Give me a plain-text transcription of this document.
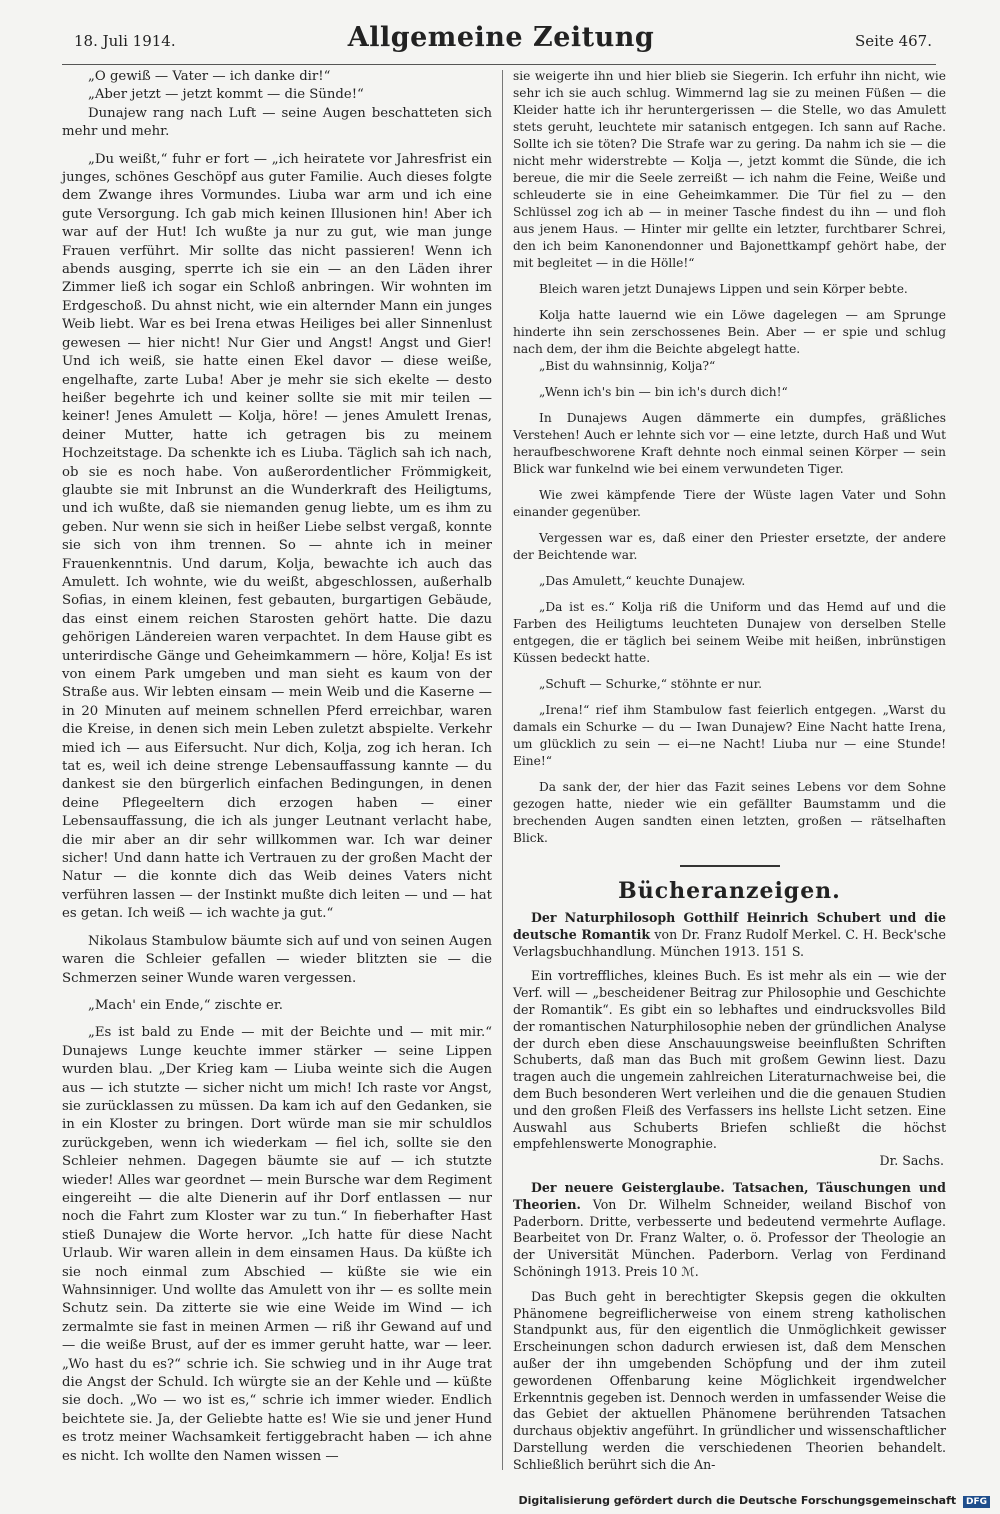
18. Juli 1914.	Allgemeine Zeitung	Seite 467.

„O gewiß — Vater — ich danke dir!“

„Aber jetzt — jetzt kommt — die Sünde!“

Dunajew rang nach Luft — seine Augen beschatteten sich mehr und mehr.

„Du weißt,“ fuhr er fort — „ich heiratete vor Jahresfrist ein junges, schönes Geschöpf aus guter Familie. Auch dieses folgte dem Zwange ihres Vormundes. Liuba war arm und ich eine gute Versorgung. Ich gab mich keinen Illusionen hin! Aber ich war auf der Hut! Ich wußte ja nur zu gut, wie man junge Frauen verführt. Mir sollte das nicht passieren! Wenn ich abends ausging, sperrte ich sie ein — an den Läden ihrer Zimmer ließ ich sogar ein Schloß anbringen. Wir wohnten im Erdgeschoß. Du ahnst nicht, wie ein alternder Mann ein junges Weib liebt. War es bei Irena etwas Heiliges bei aller Sinnenlust gewesen — hier nicht! Nur Gier und Angst! Angst und Gier! Und ich weiß, sie hatte einen Ekel davor — diese weiße, engelhafte, zarte Luba! Aber je mehr sie sich ekelte — desto heißer begehrte ich und keiner sollte sie mit mir teilen — keiner! Jenes Amulett — Kolja, höre! — jenes Amulett Irenas, deiner Mutter, hatte ich getragen bis zu meinem Hochzeitstage. Da schenkte ich es Liuba. Täglich sah ich nach, ob sie es noch habe. Von außerordentlicher Frömmigkeit, glaubte sie mit Inbrunst an die Wunderkraft des Heiligtums, und ich wußte, daß sie niemanden genug liebte, um es ihm zu geben. Nur wenn sie sich in heißer Liebe selbst vergaß, konnte sie sich von ihm trennen. So — ahnte ich in meiner Frauenkenntnis. Und darum, Kolja, bewachte ich auch das Amulett. Ich wohnte, wie du weißt, abgeschlossen, außerhalb Sofias, in einem kleinen, fest gebauten, burgartigen Gebäude, das einst einem reichen Starosten gehört hatte. Die dazu gehörigen Ländereien waren verpachtet. In dem Hause gibt es unterirdische Gänge und Geheimkammern — höre, Kolja! Es ist von einem Park umgeben und man sieht es kaum von der Straße aus. Wir lebten einsam — mein Weib und die Kaserne — in 20 Minuten auf meinem schnellen Pferd erreichbar, waren die Kreise, in denen sich mein Leben zuletzt abspielte. Verkehr mied ich — aus Eifersucht. Nur dich, Kolja, zog ich heran. Ich tat es, weil ich deine strenge Lebensauffassung kannte — du dankest sie den bürgerlich einfachen Bedingungen, in denen deine Pflegeeltern dich erzogen haben — einer Lebensauffassung, die ich als junger Leutnant verlacht habe, die mir aber an dir sehr willkommen war. Ich war deiner sicher! Und dann hatte ich Vertrauen zu der großen Macht der Natur — die konnte dich das Weib deines Vaters nicht verführen lassen — der Instinkt mußte dich leiten — und — hat es getan. Ich weiß — ich wachte ja gut.“

Nikolaus Stambulow bäumte sich auf und von seinen Augen waren die Schleier gefallen — wieder blitzten sie — die Schmerzen seiner Wunde waren vergessen.

„Mach' ein Ende,“ zischte er.

„Es ist bald zu Ende — mit der Beichte und — mit mir.“ Dunajews Lunge keuchte immer stärker — seine Lippen wurden blau. „Der Krieg kam — Liuba weinte sich die Augen aus — ich stutzte — sicher nicht um mich! Ich raste vor Angst, sie zurücklassen zu müssen. Da kam ich auf den Gedanken, sie in ein Kloster zu bringen. Dort würde man sie mir schuldlos zurückgeben, wenn ich wiederkam — fiel ich, sollte sie den Schleier nehmen. Dagegen bäumte sie auf — ich stutzte wieder! Alles war geordnet — mein Bursche war dem Regiment eingereiht — die alte Dienerin auf ihr Dorf entlassen — nur noch die Fahrt zum Kloster war zu tun.“ In fieberhafter Hast stieß Dunajew die Worte hervor. „Ich hatte für diese Nacht Urlaub. Wir waren allein in dem einsamen Haus. Da küßte ich sie noch einmal zum Abschied — küßte sie wie ein Wahnsinniger. Und wollte das Amulett von ihr — es sollte mein Schutz sein. Da zitterte sie wie eine Weide im Wind — ich zermalmte sie fast in meinen Armen — riß ihr Gewand auf und — die weiße Brust, auf der es immer geruht hatte, war — leer. „Wo hast du es?“ schrie ich. Sie schwieg und in ihr Auge trat die Angst der Schuld. Ich würgte sie an der Kehle und — küßte sie doch. „Wo — wo ist es,“ schrie ich immer wieder. Endlich beichtete sie. Ja, der Geliebte hatte es! Wie sie und jener Hund es trotz meiner Wachsamkeit fertiggebracht haben — ich ahne es nicht. Ich wollte den Namen wissen —

sie weigerte ihn und hier blieb sie Siegerin. Ich erfuhr ihn nicht, wie sehr ich sie auch schlug. Wimmernd lag sie zu meinen Füßen — die Kleider hatte ich ihr heruntergerissen — die Stelle, wo das Amulett stets geruht, leuchtete mir satanisch entgegen. Ich sann auf Rache. Sollte ich sie töten? Die Strafe war zu gering. Da nahm ich sie — die nicht mehr widerstrebte — Kolja —, jetzt kommt die Sünde, die ich bereue, die mir die Seele zerreißt — ich nahm die Feine, Weiße und schleuderte sie in eine Geheimkammer. Die Tür fiel zu — den Schlüssel zog ich ab — in meiner Tasche findest du ihn — und floh aus jenem Haus. — Hinter mir gellte ein letzter, furchtbarer Schrei, den ich beim Kanonendonner und Bajonettkampf gehört habe, der mit begleitet — in die Hölle!“

Bleich waren jetzt Dunajews Lippen und sein Körper bebte.

Kolja hatte lauernd wie ein Löwe dagelegen — am Sprunge hinderte ihn sein zerschossenes Bein. Aber — er spie und schlug nach dem, der ihm die Beichte abgelegt hatte.

„Bist du wahnsinnig, Kolja?“

„Wenn ich's bin — bin ich's durch dich!“

In Dunajews Augen dämmerte ein dumpfes, gräßliches Verstehen! Auch er lehnte sich vor — eine letzte, durch Haß und Wut heraufbeschworene Kraft dehnte noch einmal seinen Körper — sein Blick war funkelnd wie bei einem verwundeten Tiger.

Wie zwei kämpfende Tiere der Wüste lagen Vater und Sohn einander gegenüber.

Vergessen war es, daß einer den Priester ersetzte, der andere der Beichtende war.

„Das Amulett,“ keuchte Dunajew.

„Da ist es.“ Kolja riß die Uniform und das Hemd auf und die Farben des Heiligtums leuchteten Dunajew von derselben Stelle entgegen, die er täglich bei seinem Weibe mit heißen, inbrünstigen Küssen bedeckt hatte.

„Schuft — Schurke,“ stöhnte er nur.

„Irena!“ rief ihm Stambulow fast feierlich entgegen. „Warst du damals ein Schurke — du — Iwan Dunajew? Eine Nacht hatte Irena, um glücklich zu sein — ei—ne Nacht! Liuba nur — eine Stunde! Eine!“

Da sank der, der hier das Fazit seines Lebens vor dem Sohne gezogen hatte, nieder wie ein gefällter Baumstamm und die brechenden Augen sandten einen letzten, großen — rätselhaften Blick.

Bücheranzeigen.
Der Naturphilosoph Gotthilf Heinrich Schubert und die deutsche Romantik von Dr. Franz Rudolf Merkel. C. H. Beck'sche Verlagsbuchhandlung. München 1913. 151 S.

Ein vortreffliches, kleines Buch. Es ist mehr als ein — wie der Verf. will — „bescheidener Beitrag zur Philosophie und Geschichte der Romantik“. Es gibt ein so lebhaftes und eindrucksvolles Bild der romantischen Naturphilosophie neben der gründlichen Analyse der durch eben diese Anschauungsweise beeinflußten Schriften Schuberts, daß man das Buch mit großem Gewinn liest. Dazu tragen auch die ungemein zahlreichen Literaturnachweise bei, die dem Buch besonderen Wert verleihen und die die genauen Studien und den großen Fleiß des Verfassers ins hellste Licht setzen. Eine Auswahl aus Schuberts Briefen schließt die höchst empfehlenswerte Monographie.

Dr. Sachs.
Der neuere Geisterglaube. Tatsachen, Täuschungen und Theorien. Von Dr. Wilhelm Schneider, weiland Bischof von Paderborn. Dritte, verbesserte und bedeutend vermehrte Auflage. Bearbeitet von Dr. Franz Walter, o. ö. Professor der Theologie an der Universität München. Paderborn. Verlag von Ferdinand Schöningh 1913. Preis 10 ℳ.

Das Buch geht in berechtigter Skepsis gegen die okkulten Phänomene begreiflicherweise von einem streng katholischen Standpunkt aus, für den eigentlich die Unmöglichkeit gewisser Erscheinungen schon dadurch erwiesen ist, daß dem Menschen außer der ihn umgebenden Schöpfung und der ihm zuteil gewordenen Offenbarung keine Möglichkeit irgendwelcher Erkenntnis gegeben ist. Dennoch werden in umfassender Weise die das Gebiet der aktuellen Phänomene berührenden Tatsachen durchaus objektiv angeführt. In gründlicher und wissenschaftlicher Darstellung werden die verschiedenen Theorien behandelt. Schließlich berührt sich die An-

Digitalisierung gefördert durch die Deutsche Forschungsgemeinschaft DFG
